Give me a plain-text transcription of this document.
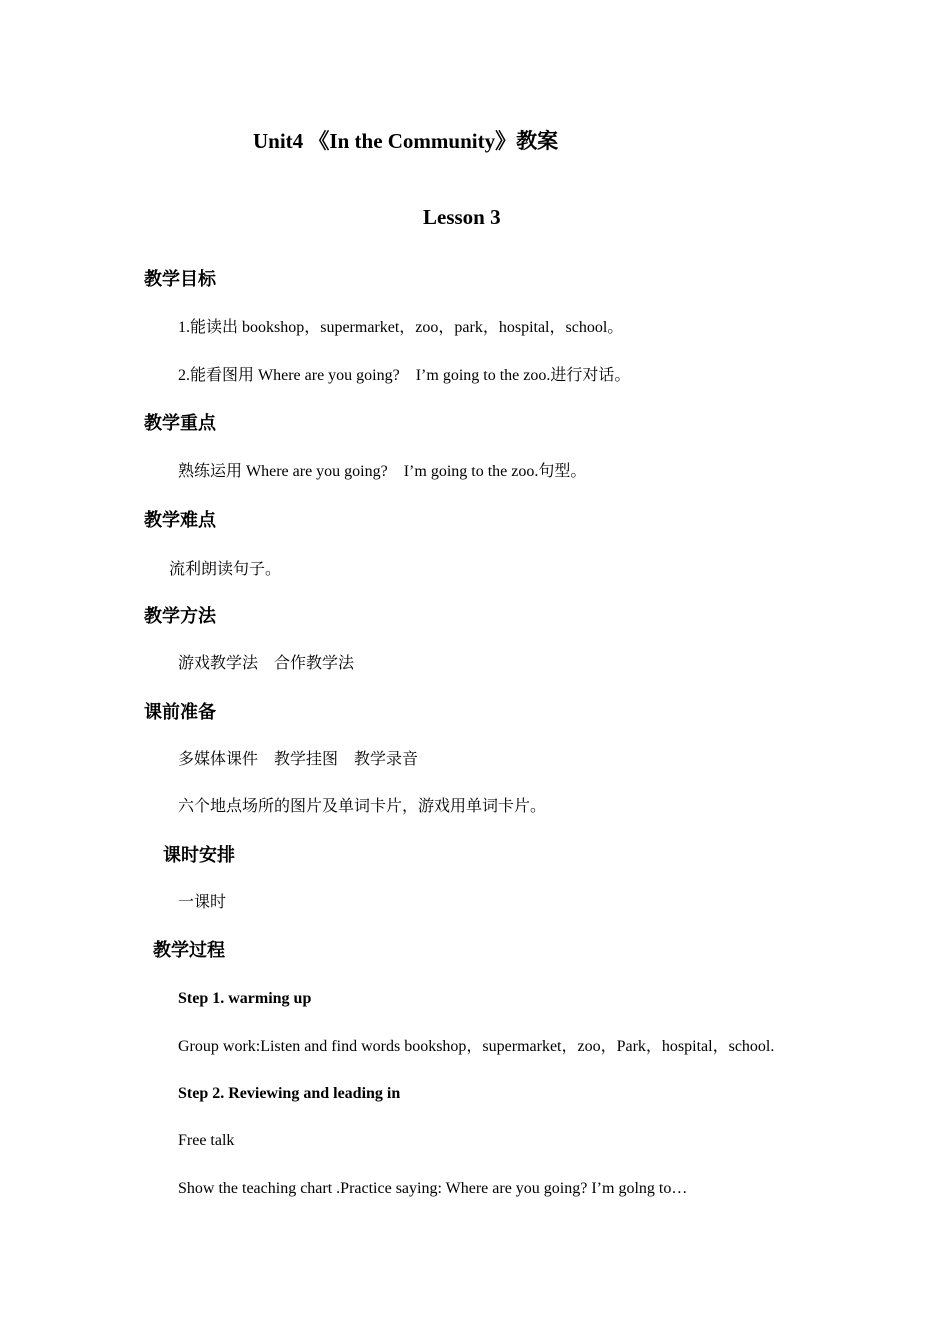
Unit4 《In the Community》教案
Lesson 3
教学目标
1.能读出 bookshop，supermarket，zoo，park，hospital，school。
2.能看图用 Where are you going?　I’m going to the zoo.进行对话。
教学重点
熟练运用 Where are you going?　I’m going to the zoo.句型。
教学难点
流利朗读句子。
教学方法
游戏教学法　合作教学法
课前准备
多媒体课件　教学挂图　教学录音
六个地点场所的图片及单词卡片，游戏用单词卡片。
课时安排
一课时
教学过程
Step 1. warming up
Group work:Listen and find words bookshop，supermarket，zoo，Park，hospital，school.
Step 2. Reviewing and leading in
Free talk
Show the teaching chart .Practice saying: Where are you going? I’m golng to…
